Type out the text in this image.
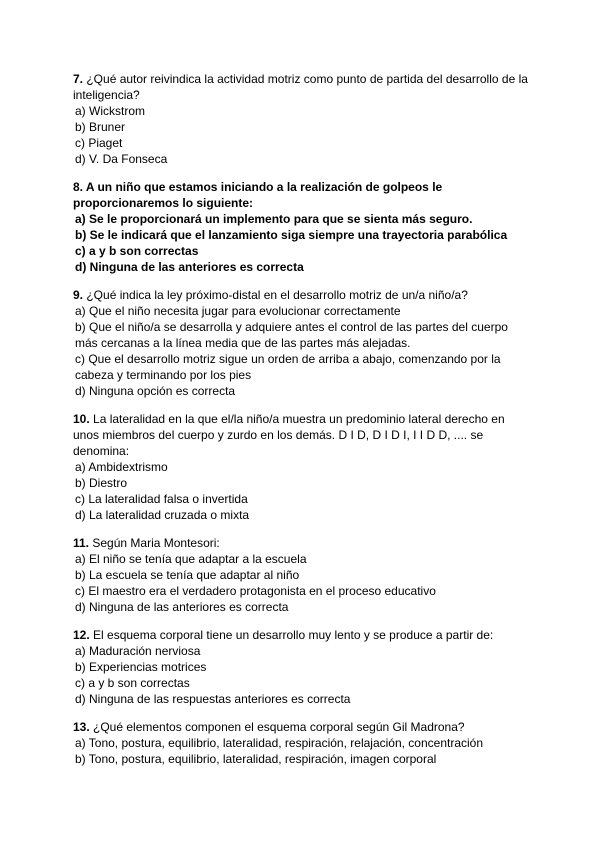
7. ¿Qué autor reivindica la actividad motriz como punto de partida del desarrollo de la inteligencia?

a) Wickstrom

b) Bruner

c) Piaget

d) V. Da Fonseca

8. A un niño que estamos iniciando a la realización de golpeos le proporcionaremos lo siguiente:

a) Se le proporcionará un implemento para que se sienta más seguro.

b) Se le indicará que el lanzamiento siga siempre una trayectoria parabólica

c) a y b son correctas

d) Ninguna de las anteriores es correcta

9. ¿Qué indica la ley próximo-distal en el desarrollo motriz de un/a niño/a?

a) Que el niño necesita jugar para evolucionar correctamente

b) Que el niño/a se desarrolla y adquiere antes el control de las partes del cuerpo más cercanas a la línea media que de las partes más alejadas.

c) Que el desarrollo motriz sigue un orden de arriba a abajo, comenzando por la cabeza y terminando por los pies

d) Ninguna opción es correcta

10. La lateralidad en la que el/la niño/a muestra un predominio lateral derecho en unos miembros del cuerpo y zurdo en los demás. D I D, D I D I, I I D D, .... se denomina:

a) Ambidextrismo

b) Diestro

c) La lateralidad falsa o invertida

d) La lateralidad cruzada o mixta

11. Según Maria Montesori:

a) El niño se tenía que adaptar a la escuela

b) La escuela se tenía que adaptar al niño

c) El maestro era el verdadero protagonista en el proceso educativo

d) Ninguna de las anteriores es correcta

12. El esquema corporal tiene un desarrollo muy lento y se produce a partir de:

a) Maduración nerviosa

b) Experiencias motrices

c) a y b son correctas

d) Ninguna de las respuestas anteriores es correcta

13. ¿Qué elementos componen el esquema corporal según Gil Madrona?

a) Tono, postura, equilibrio, lateralidad, respiración, relajación, concentración

b) Tono, postura, equilibrio, lateralidad, respiración, imagen corporal
